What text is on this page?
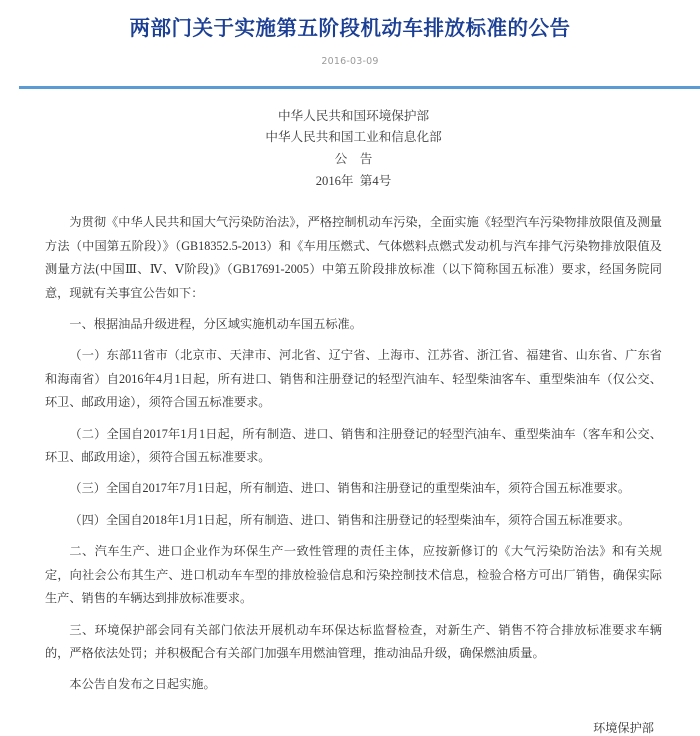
两部门关于实施第五阶段机动车排放标准的公告
2016-03-09
中华人民共和国环境保护部
中华人民共和国工业和信息化部
公　告
2016年  第4号

为贯彻《中华人民共和国大气污染防治法》，严格控制机动车污染，全面实施《轻型汽车污染物排放限值及测量方法（中国第五阶段）》（GB18352.5-2013）和《车用压燃式、气体燃料点燃式发动机与汽车排气污染物排放限值及测量方法(中国Ⅲ、Ⅳ、Ⅴ阶段)》（GB17691-2005）中第五阶段排放标准（以下简称国五标准）要求，经国务院同意，现就有关事宜公告如下：

一、根据油品升级进程，分区域实施机动车国五标准。

（一）东部11省市（北京市、天津市、河北省、辽宁省、上海市、江苏省、浙江省、福建省、山东省、广东省和海南省）自2016年4月1日起，所有进口、销售和注册登记的轻型汽油车、轻型柴油客车、重型柴油车（仅公交、环卫、邮政用途），须符合国五标准要求。

（二）全国自2017年1月1日起，所有制造、进口、销售和注册登记的轻型汽油车、重型柴油车（客车和公交、环卫、邮政用途），须符合国五标准要求。

（三）全国自2017年7月1日起，所有制造、进口、销售和注册登记的重型柴油车，须符合国五标准要求。

（四）全国自2018年1月1日起，所有制造、进口、销售和注册登记的轻型柴油车，须符合国五标准要求。

二、汽车生产、进口企业作为环保生产一致性管理的责任主体，应按新修订的《大气污染防治法》和有关规定，向社会公布其生产、进口机动车车型的排放检验信息和污染控制技术信息，检验合格方可出厂销售，确保实际生产、销售的车辆达到排放标准要求。

三、环境保护部会同有关部门依法开展机动车环保达标监督检查，对新生产、销售不符合排放标准要求车辆的，严格依法处罚；并积极配合有关部门加强车用燃油管理，推动油品升级，确保燃油质量。

本公告自发布之日起实施。

环境保护部
